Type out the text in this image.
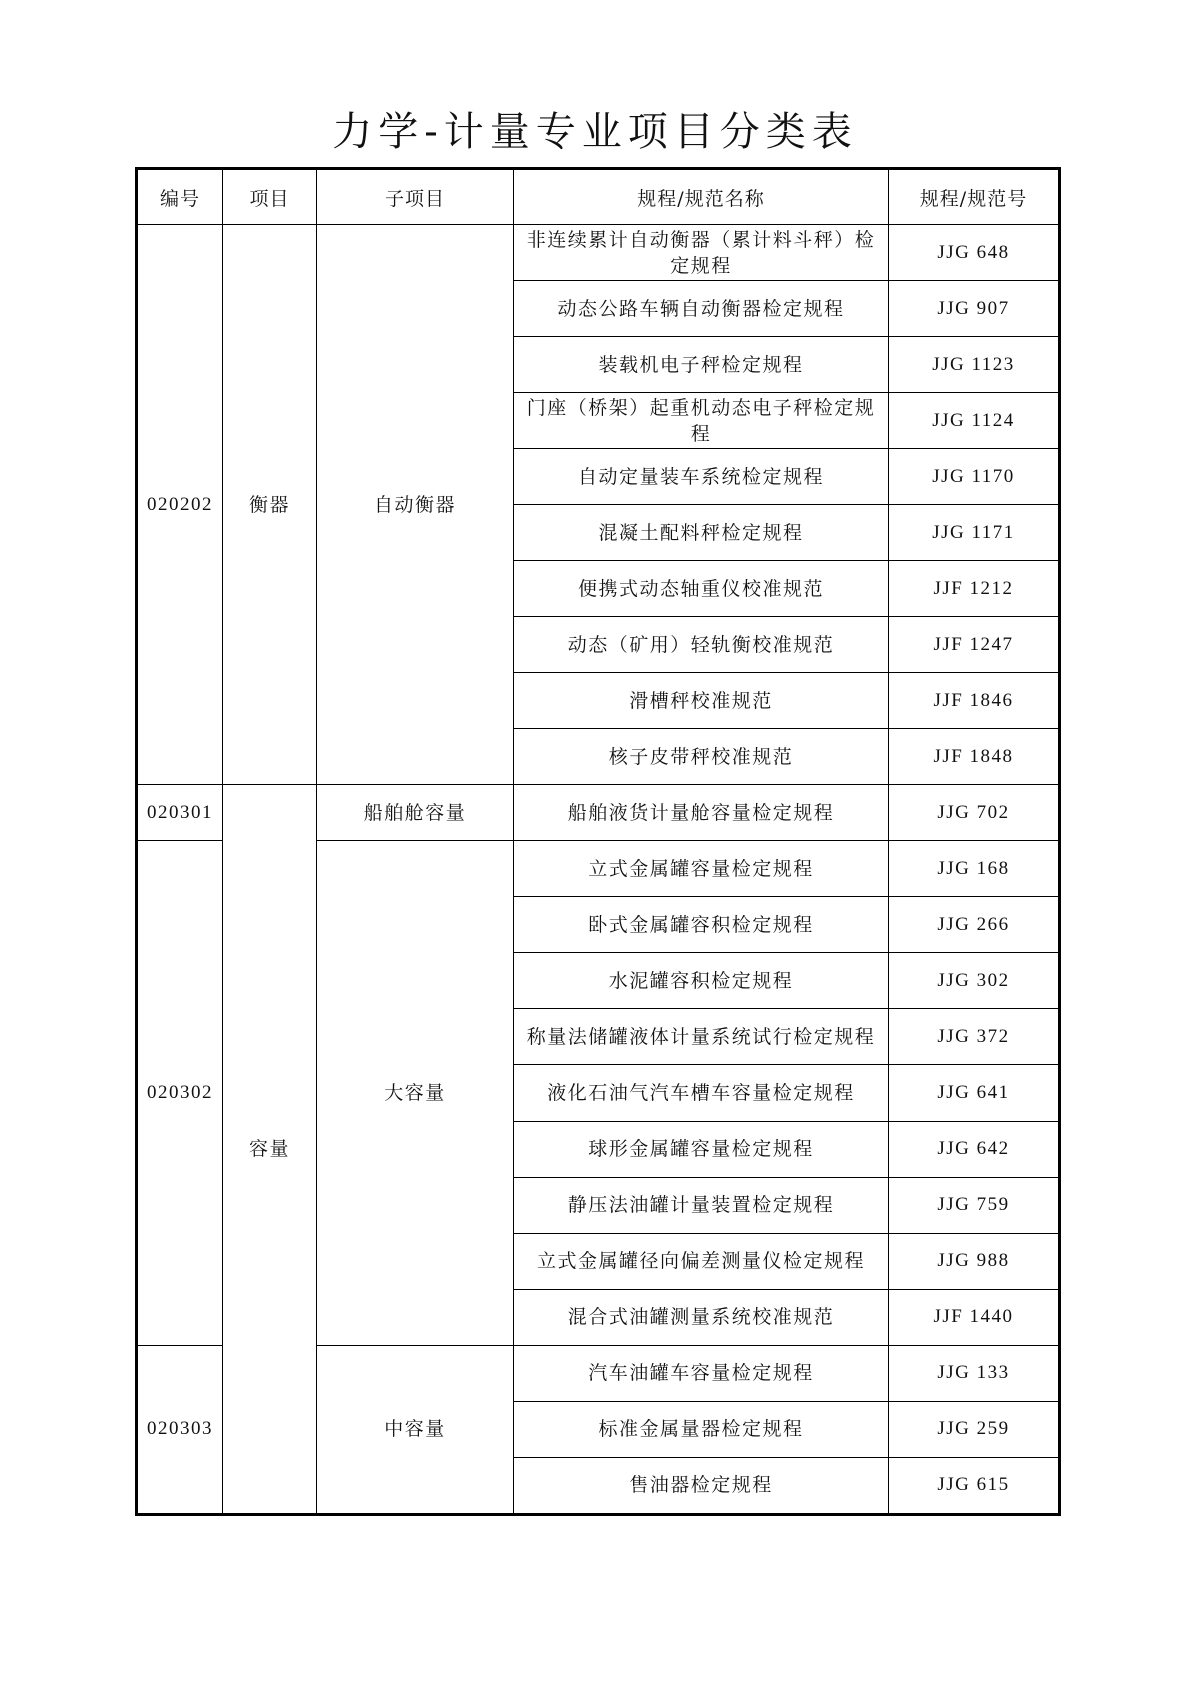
力学-计量专业项目分类表
编号	项目	子项目	规程/规范名称	规程/规范号
020202	衡器	自动衡器	非连续累计自动衡器（累计料斗秤）检定规程	JJG 648
			动态公路车辆自动衡器检定规程	JJG 907
			装载机电子秤检定规程	JJG 1123
			门座（桥架）起重机动态电子秤检定规程	JJG 1124
			自动定量装车系统检定规程	JJG 1170
			混凝土配料秤检定规程	JJG 1171
			便携式动态轴重仪校准规范	JJF 1212
			动态（矿用）轻轨衡校准规范	JJF 1247
			滑槽秤校准规范	JJF 1846
			核子皮带秤校准规范	JJF 1848
020301	容量	船舶舱容量	船舶液货计量舱容量检定规程	JJG 702
020302		大容量	立式金属罐容量检定规程	JJG 168
			卧式金属罐容积检定规程	JJG 266
			水泥罐容积检定规程	JJG 302
			称量法储罐液体计量系统试行检定规程	JJG 372
			液化石油气汽车槽车容量检定规程	JJG 641
			球形金属罐容量检定规程	JJG 642
			静压法油罐计量装置检定规程	JJG 759
			立式金属罐径向偏差测量仪检定规程	JJG 988
			混合式油罐测量系统校准规范	JJF 1440
020303		中容量	汽车油罐车容量检定规程	JJG 133
			标准金属量器检定规程	JJG 259
			售油器检定规程	JJG 615
